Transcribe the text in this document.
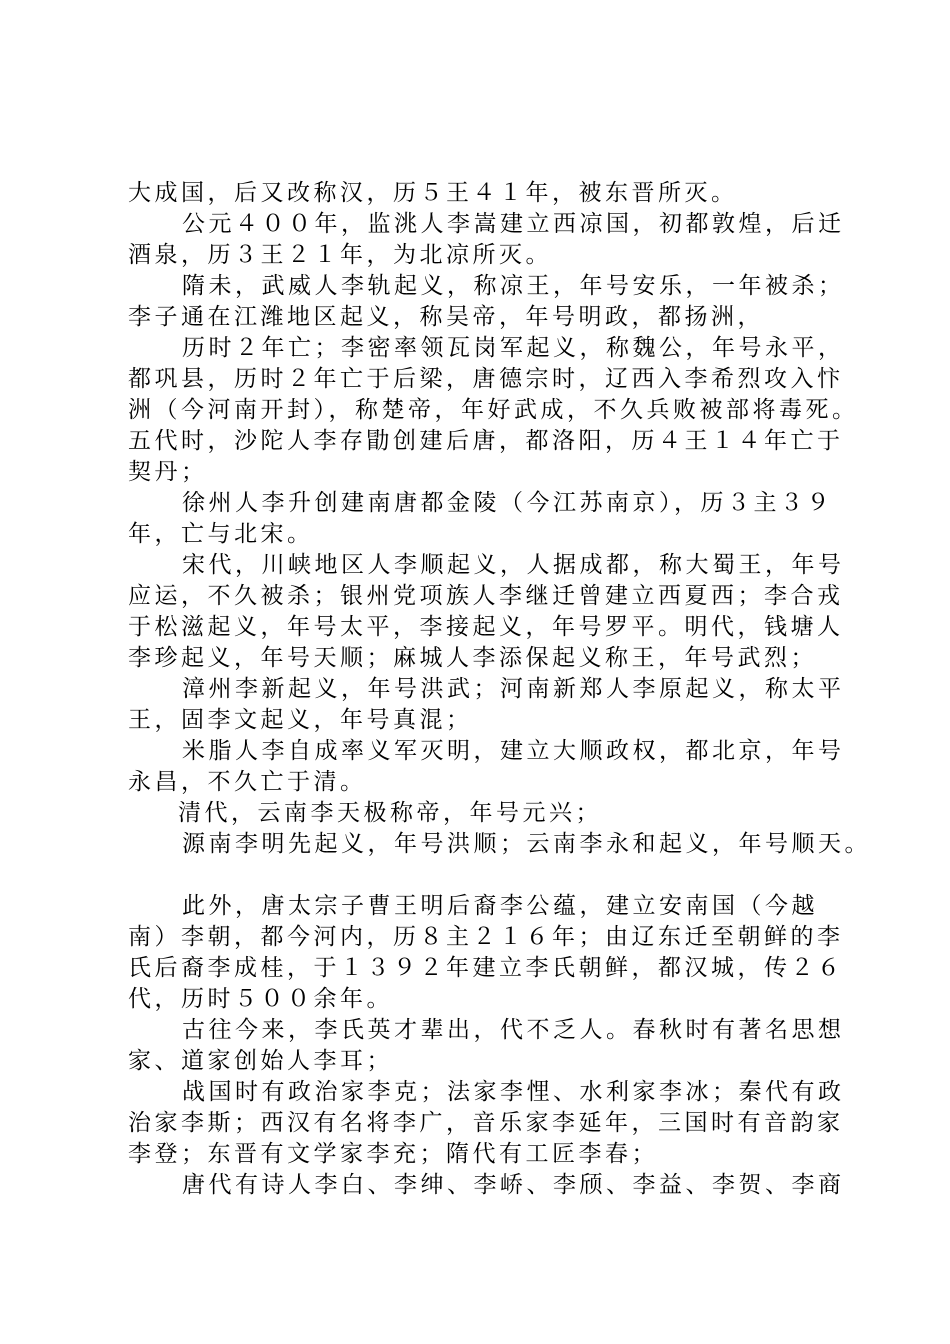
大成国，后又改称汉，历５王４１年，被东晋所灭。
公元４００年，监洮人李嵩建立西凉国，初都敦煌，后迁
酒泉，历３王２１年，为北凉所灭。
隋未，武威人李轨起义，称凉王，年号安乐，一年被杀；
李子通在江潍地区起义，称吴帝，年号明政，都扬洲，
历时２年亡；李密率领瓦岗军起义，称魏公，年号永平，
都巩县，历时２年亡于后梁，唐德宗时，辽西入李希烈攻入忭
洲（今河南开封），称楚帝，年好武成，不久兵败被部将毒死。
五代时，沙陀人李存勖创建后唐，都洛阳，历４王１４年亡于
契丹；
徐州人李升创建南唐都金陵（今江苏南京），历３主３９
年，亡与北宋。
宋代，川峡地区人李顺起义，人据成都，称大蜀王，年号
应运，不久被杀；银州党项族人李继迁曾建立西夏西；李合戎
于松滋起义，年号太平，李接起义，年号罗平。明代，钱塘人
李珍起义，年号天顺；麻城人李添保起义称王，年号武烈；
漳州李新起义，年号洪武；河南新郑人李原起义，称太平
王，固李文起义，年号真混；
米脂人李自成率义军灭明，建立大顺政权，都北京，年号
永昌，不久亡于清。
清代，云南李天极称帝，年号元兴；
源南李明先起义，年号洪顺；云南李永和起义，年号顺天。
此外，唐太宗子曹王明后裔李公蕴，建立安南国（今越
南）李朝，都今河内，历８主２１６年；由辽东迁至朝鲜的李
氏后裔李成桂，于１３９２年建立李氏朝鲜，都汉城，传２６
代，历时５００余年。
古往今来，李氏英才辈出，代不乏人。春秋时有著名思想
家、道家创始人李耳；
战国时有政治家李克；法家李悝、水利家李冰；秦代有政
治家李斯；西汉有名将李广，音乐家李延年，三国时有音韵家
李登；东晋有文学家李充；隋代有工匠李春；
唐代有诗人李白、李绅、李峤、李颀、李益、李贺、李商
